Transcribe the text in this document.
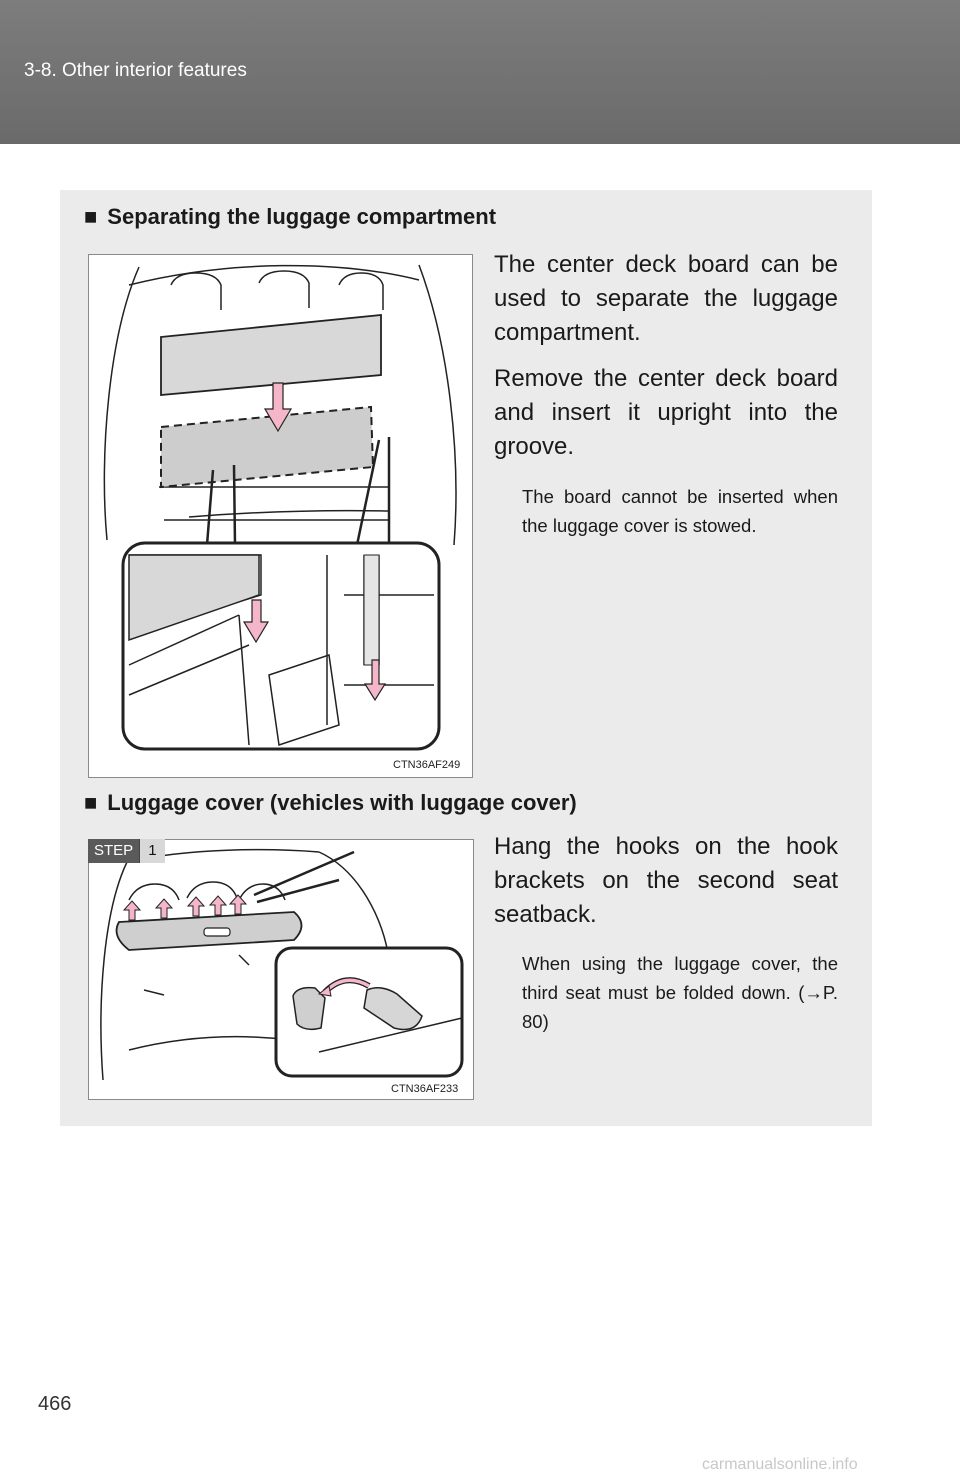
3-8. Other interior features
■ Separating the luggage compartment
CTN36AF249

The center deck board can be used to separate the luggage compartment.

Remove the center deck board and insert it upright into the groove.

The board cannot be inserted when the luggage cover is stowed.
■ Luggage cover (vehicles with luggage cover)
CTN36AF233
STEP	1	Hang the hooks on the hook brackets on the second seat seatback.

When using the luggage cover, the third seat must be folded down. (→P. 80)
466
carmanualsonline.info
